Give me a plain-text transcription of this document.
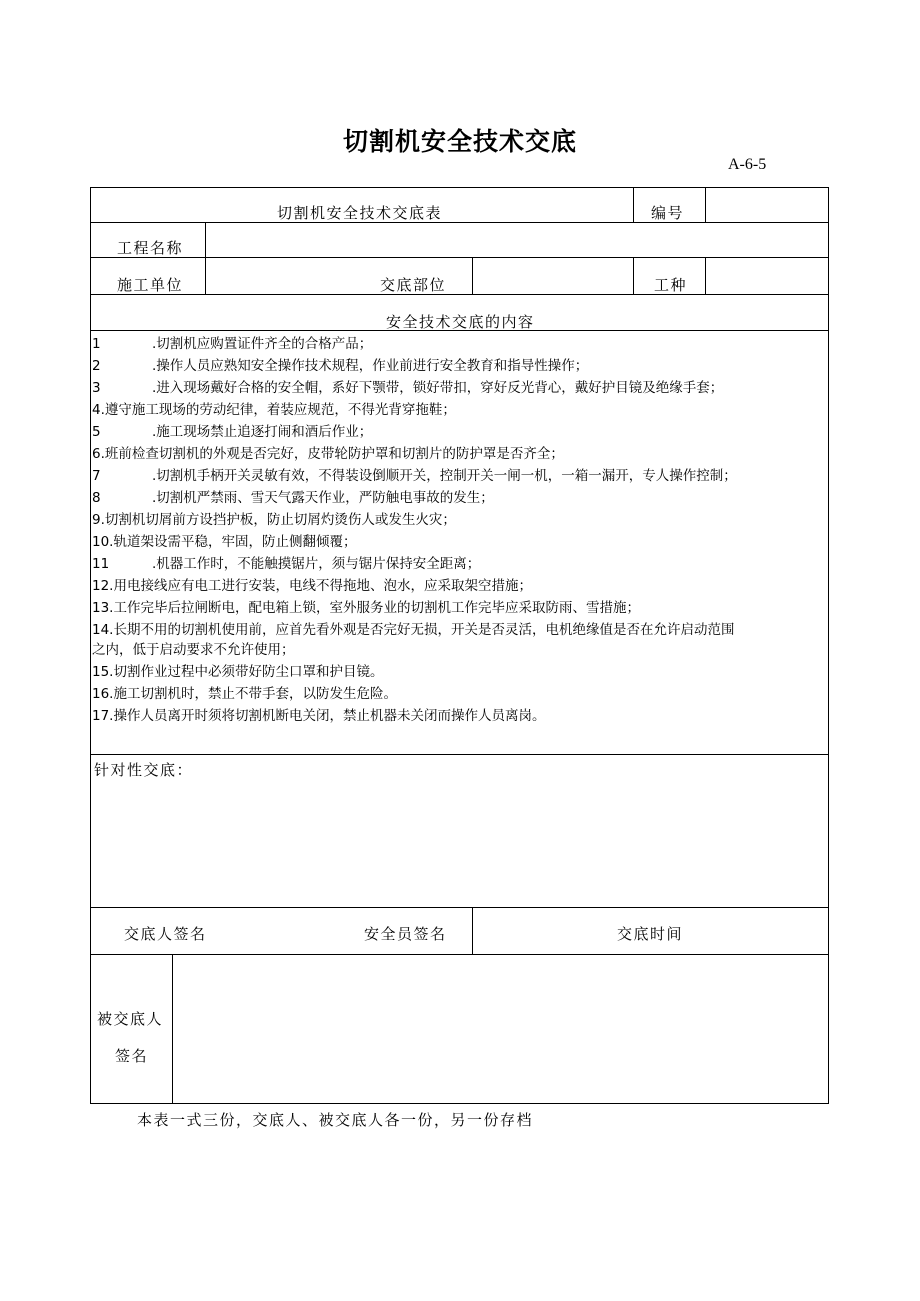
切割机安全技术交底
A-6-5
切割机安全技术交底表	编号
工程名称
施工单位	交底部位	工种
安全技术交底的内容
1	.切割机应购置证件齐全的合格产品；
2	.操作人员应熟知安全操作技术规程，作业前进行安全教育和指导性操作；
3	.进入现场戴好合格的安全帽，系好下颚带，锁好带扣，穿好反光背心，戴好护目镜及绝缘手套；
4.遵守施工现场的劳动纪律，着装应规范，不得光背穿拖鞋；
5	.施工现场禁止追逐打闹和酒后作业；
6.班前检查切割机的外观是否完好，皮带轮防护罩和切割片的防护罩是否齐全；
7	.切割机手柄开关灵敏有效，不得装设倒顺开关，控制开关一闸一机，一箱一漏开，专人操作控制；
8	.切割机严禁雨、雪天气露天作业，严防触电事故的发生；
9.切割机切屑前方设挡护板，防止切屑灼烫伤人或发生火灾；
10.轨道架设需平稳，牢固，防止侧翻倾覆；
11	.机器工作时，不能触摸锯片，须与锯片保持安全距离；
12.用电接线应有电工进行安装，电线不得拖地、泡水，应采取架空措施；
13.工作完毕后拉闸断电，配电箱上锁，室外服务业的切割机工作完毕应采取防雨、雪措施；
14.长期不用的切割机使用前，应首先看外观是否完好无损，开关是否灵活，电机绝缘值是否在允许启动范围
之内，低于启动要求不允许使用；
15.切割作业过程中必须带好防尘口罩和护目镜。
16.施工切割机时，禁止不带手套，以防发生危险。
17.操作人员离开时须将切割机断电关闭，禁止机器未关闭而操作人员离岗。
针对性交底：
交底人签名	安全员签名	交底时间
被交底人
签名
本表一式三份，交底人、被交底人各一份，另一份存档
